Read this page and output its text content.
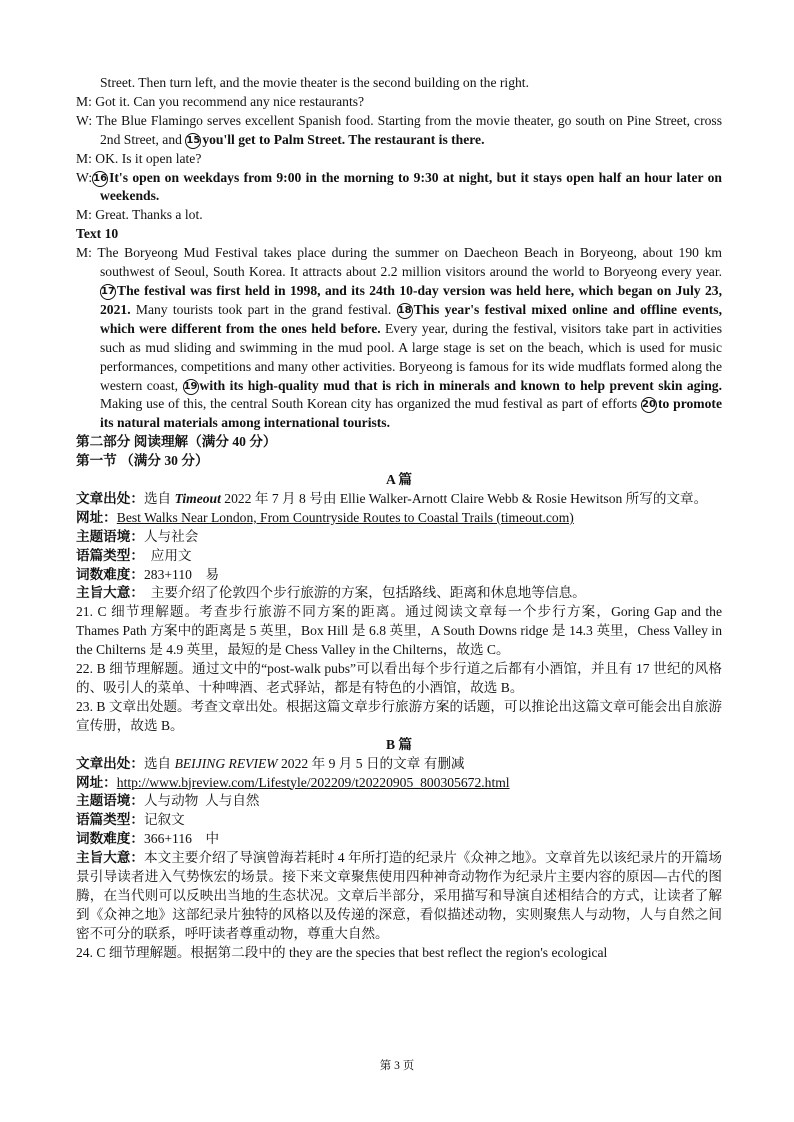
Street. Then turn left, and the movie theater is the second building on the right.

M: Got it. Can you recommend any nice restaurants?

W: The Blue Flamingo serves excellent Spanish food. Starting from the movie theater, go south on Pine Street, cross 2nd Street, and 15 you'll get to Palm Street. The restaurant is there.

M: OK. Is it open late?

W:16 It's open on weekdays from 9:00 in the morning to 9:30 at night, but it stays open half an hour later on weekends.

M: Great. Thanks a lot.

Text 10

M: The Boryeong Mud Festival takes place during the summer on Daecheon Beach in Boryeong, about 190 km southwest of Seoul, South Korea. It attracts about 2.2 million visitors around the world to Boryeong every year. 17 The festival was first held in 1998, and its 24th 10-day version was held here, which began on July 23, 2021. Many tourists took part in the grand festival. 18 This year's festival mixed online and offline events, which were different from the ones held before. Every year, during the festival, visitors take part in activities such as mud sliding and swimming in the mud pool. A large stage is set on the beach, which is used for music performances, competitions and many other activities. Boryeong is famous for its wide mudflats formed along the western coast, 19 with its high-quality mud that is rich in minerals and known to help prevent skin aging. Making use of this, the central South Korean city has organized the mud festival as part of efforts 20 to promote its natural materials among international tourists.

第二部分 阅读理解（满分 40 分）

第一节 （满分 30 分）

A 篇

文章出处：选自 Timeout 2022 年 7 月 8 号由 Ellie Walker-Arnott Claire Webb & Rosie Hewitson 所写的文章。

网址：Best Walks Near London, From Countryside Routes to Coastal Trails (timeout.com)

主题语境：人与社会

语篇类型：  应用文

词数难度：283+110    易

主旨大意：  主要介绍了伦敦四个步行旅游的方案，包括路线、距离和休息地等信息。

21. C 细节理解题。考查步行旅游不同方案的距离。通过阅读文章每一个步行方案，Goring Gap and the Thames Path 方案中的距离是 5 英里，Box Hill 是 6.8 英里，A South Downs ridge 是 14.3 英里，Chess Valley in the Chilterns 是 4.9 英里，最短的是 Chess Valley in the Chilterns，故选 C。

22. B 细节理解题。通过文中的“post-walk pubs”可以看出每个步行道之后都有小酒馆，并且有 17 世纪的风格的、吸引人的菜单、十种啤酒、老式驿站，都是有特色的小酒馆，故选 B。

23. B 文章出处题。考查文章出处。根据这篇文章步行旅游方案的话题，可以推论出这篇文章可能会出自旅游宣传册，故选 B。

B 篇

文章出处：选自 BEIJING REVIEW 2022 年 9 月 5 日的文章 有删减

网址：http://www.bjreview.com/Lifestyle/202209/t20220905_800305672.html

主题语境：人与动物  人与自然

语篇类型：记叙文

词数难度：366+116    中

主旨大意：本文主要介绍了导演曾海若耗时 4 年所打造的纪录片《众神之地》。文章首先以该纪录片的开篇场景引导读者进入气势恢宏的场景。接下来文章聚焦使用四种神奇动物作为纪录片主要内容的原因—古代的图腾，在当代则可以反映出当地的生态状况。文章后半部分，采用描写和导演自述相结合的方式，让读者了解到《众神之地》这部纪录片独特的风格以及传递的深意，看似描述动物，实则聚焦人与动物，人与自然之间密不可分的联系，呼吁读者尊重动物，尊重大自然。

24. C 细节理解题。根据第二段中的 they are the species that best reflect the region's ecological

第 3 页
